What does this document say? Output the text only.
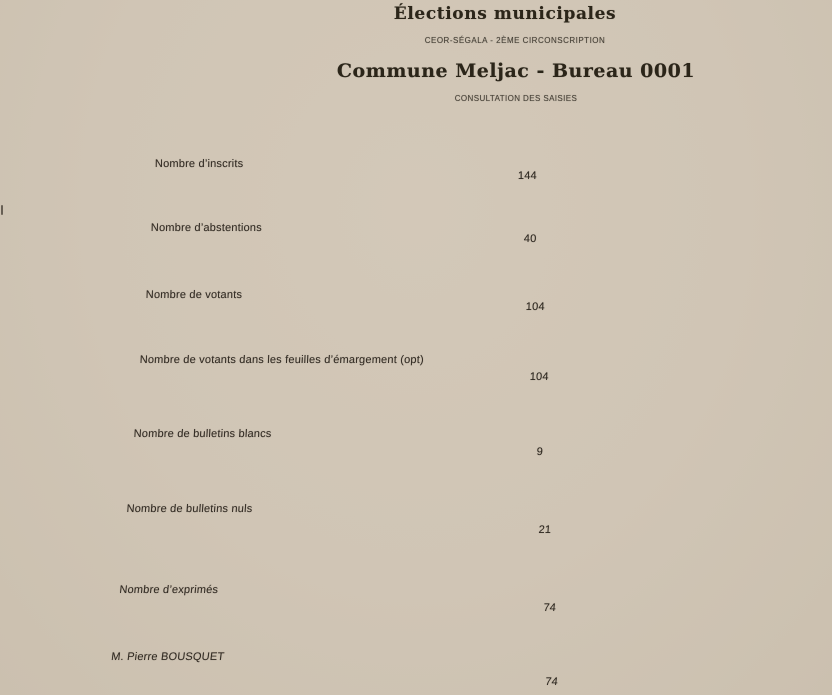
Élections municipales
CEOR-SÉGALA - 2ÈME CIRCONSCRIPTION
Commune Meljac - Bureau 0001
CONSULTATION DES SAISIES
Nombre d’inscrits
144
Nombre d’abstentions
40
Nombre de votants
104
Nombre de votants dans les feuilles d’émargement (opt)
104
Nombre de bulletins blancs
9
Nombre de bulletins nuls
21
Nombre d’exprimés
74
M. Pierre BOUSQUET
74
